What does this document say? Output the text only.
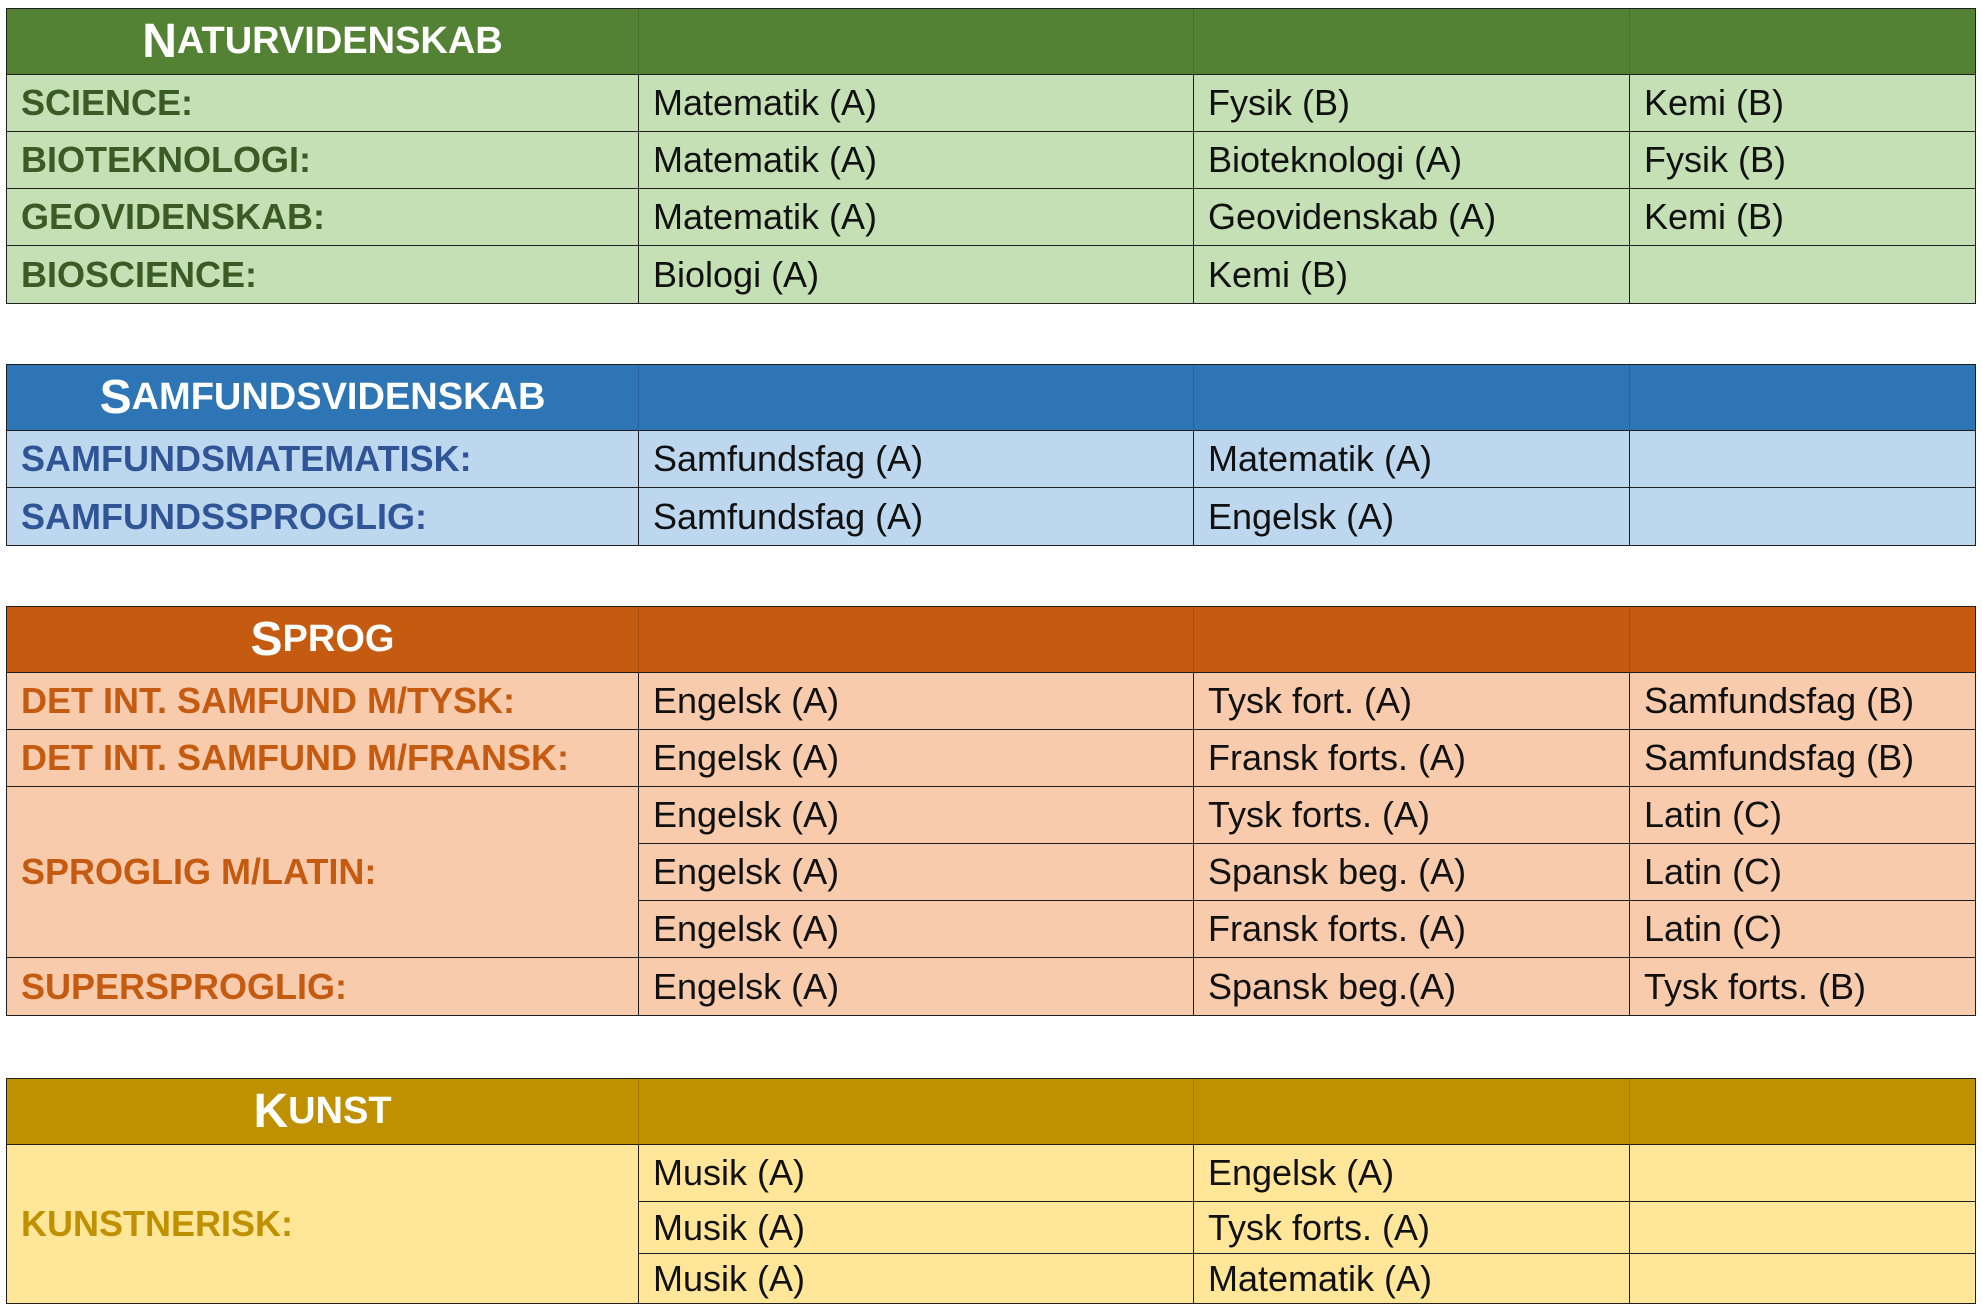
N ATURVIDENSKAB
SCIENCE:	Matematik (A)	Fysik (B)	Kemi (B)
BIOTEKNOLOGI:	Matematik (A)	Bioteknologi (A)	Fysik (B)
GEOVIDENSKAB:	Matematik (A)	Geovidenskab (A)	Kemi (B)
BIOSCIENCE:	Biologi (A)	Kemi (B)
S AMFUNDSVIDENSKAB
SAMFUNDSMATEMATISK:	Samfundsfag (A)	Matematik (A)
SAMFUNDSSPROGLIG:	Samfundsfag (A)	Engelsk (A)
S PROG
DET INT. SAMFUND M/TYSK:	Engelsk (A)	Tysk fort. (A)	Samfundsfag (B)
DET INT. SAMFUND M/FRANSK:	Engelsk (A)	Fransk forts. (A)	Samfundsfag (B)
SPROGLIG M/LATIN:
Engelsk (A)	Tysk forts. (A)	Latin (C)
Engelsk (A)	Spansk beg. (A)	Latin (C)
Engelsk (A)	Fransk forts. (A)	Latin (C)
SUPERSPROGLIG:	Engelsk (A)	Spansk beg.(A)	Tysk forts. (B)
K UNST
KUNSTNERISK:
Musik (A)	Engelsk (A)
Musik (A)	Tysk forts. (A)
Musik (A)	Matematik (A)
